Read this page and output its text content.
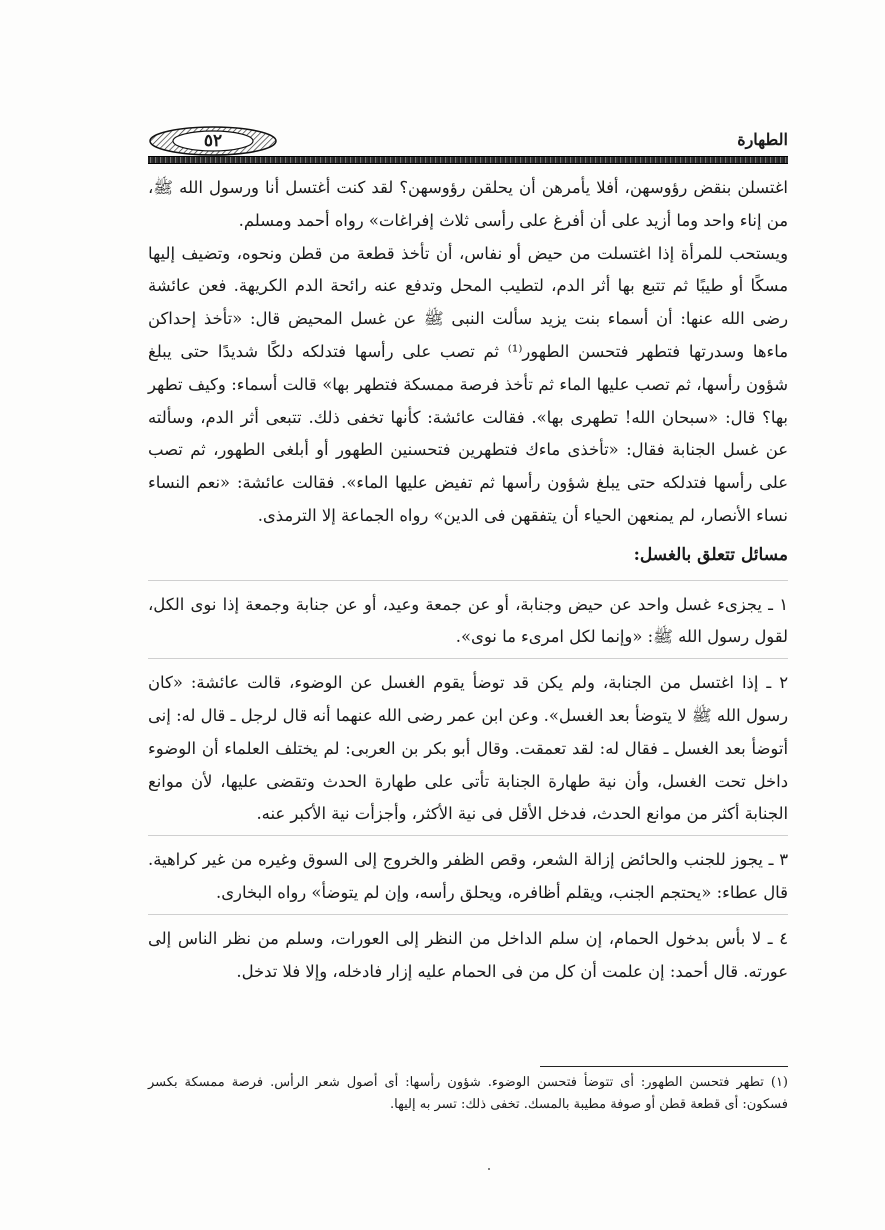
٥٢	الطهارة

اغتسلن بنقض رؤوسهن، أفلا يأمرهن أن يحلقن رؤوسهن؟ لقد كنت أغتسل أنا ورسول الله ﷺ، من إناء واحد وما أزيد على أن أفرغ على رأسى ثلاث إفراغات» رواه أحمد ومسلم.

ويستحب للمرأة إذا اغتسلت من حيض أو نفاس، أن تأخذ قطعة من قطن ونحوه، وتضيف إليها مسكًا أو طيبًا ثم تتبع بها أثر الدم، لتطيب المحل وتدفع عنه رائحة الدم الكريهة. فعن عائشة رضى الله عنها: أن أسماء بنت يزيد سألت النبى ﷺ عن غسل المحيض قال: «تأخذ إحداكن ماءها وسدرتها فتطهر فتحسن الطهور⁽¹⁾ ثم تصب على رأسها فتدلكه دلكًا شديدًا حتى يبلغ شؤون رأسها، ثم تصب عليها الماء ثم تأخذ فرصة ممسكة فتطهر بها» قالت أسماء: وكيف تطهر بها؟ قال: «سبحان الله! تطهرى بها». فقالت عائشة: كأنها تخفى ذلك. تتبعى أثر الدم، وسألته عن غسل الجنابة فقال: «تأخذى ماءك فتطهرين فتحسنين الطهور أو أبلغى الطهور، ثم تصب على رأسها فتدلكه حتى يبلغ شؤون رأسها ثم تفيض عليها الماء». فقالت عائشة: «نعم النساء نساء الأنصار، لم يمنعهن الحياء أن يتفقهن فى الدين» رواه الجماعة إلا الترمذى.

مسائل تتعلق بالغسل:

١ ـ يجزىء غسل واحد عن حيض وجنابة، أو عن جمعة وعيد، أو عن جنابة وجمعة إذا نوى الكل، لقول رسول الله ﷺ: «وإنما لكل امرىء ما نوى».

٢ ـ إذا اغتسل من الجنابة، ولم يكن قد توضأ يقوم الغسل عن الوضوء، قالت عائشة: «كان رسول الله ﷺ لا يتوضأ بعد الغسل». وعن ابن عمر رضى الله عنهما أنه قال لرجل ـ قال له: إنى أتوضأ بعد الغسل ـ فقال له: لقد تعمقت. وقال أبو بكر بن العربى: لم يختلف العلماء أن الوضوء داخل تحت الغسل، وأن نية طهارة الجنابة تأتى على طهارة الحدث وتقضى عليها، لأن موانع الجنابة أكثر من موانع الحدث، فدخل الأقل فى نية الأكثر، وأجزأت نية الأكبر عنه.

٣ ـ يجوز للجنب والحائض إزالة الشعر، وقص الظفر والخروج إلى السوق وغيره من غير كراهية. قال عطاء: «يحتجم الجنب، ويقلم أظافره، ويحلق رأسه، وإن لم يتوضأ» رواه البخارى.

٤ ـ لا بأس بدخول الحمام، إن سلم الداخل من النظر إلى العورات، وسلم من نظر الناس إلى عورته. قال أحمد: إن علمت أن كل من فى الحمام عليه إزار فادخله، وإلا فلا تدخل.

(١) تطهر فتحسن الطهور: أى تتوضأ فتحسن الوضوء. شؤون رأسها: أى أصول شعر الرأس. فرصة ممسكة بكسر فسكون: أى قطعة قطن أو صوفة مطيبة بالمسك. تخفى ذلك: تسر به إليها.
